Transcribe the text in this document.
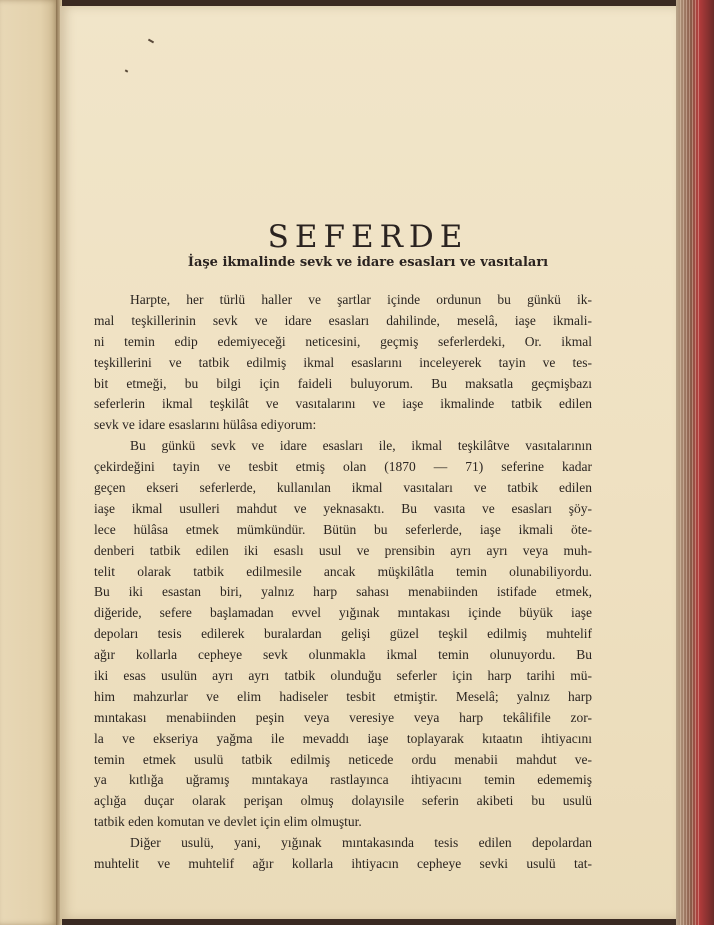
SEFERDE
İaşe ikmalinde sevk ve idare esasları ve vasıtaları
Harpte, her türlü haller ve şartlar içinde ordunun bu günkü ik-
mal teşkillerinin sevk ve idare esasları dahilinde, meselâ, iaşe ikmali-
ni temin edip edemiyeceği neticesini, geçmiş seferlerdeki, Or. ikmal
teşkillerini ve tatbik edilmiş ikmal esaslarını inceleyerek tayin ve tes-
bit etmeği, bu bilgi için faideli buluyorum. Bu maksatla geçmişbazı
seferlerin ikmal teşkilât ve vasıtalarını ve iaşe ikmalinde tatbik edilen
sevk ve idare esaslarını hülâsa ediyorum:
Bu günkü sevk ve idare esasları ile, ikmal teşkilâtve vasıtalarının
çekirdeğini tayin ve tesbit etmiş olan (1870 — 71) seferine kadar
geçen ekseri seferlerde, kullanılan ikmal vasıtaları ve tatbik edilen
iaşe ikmal usulleri mahdut ve yeknasaktı. Bu vasıta ve esasları şöy-
lece hülâsa etmek mümkündür. Bütün bu seferlerde, iaşe ikmali öte-
denberi tatbik edilen iki esaslı usul ve prensibin ayrı ayrı veya muh-
telit olarak tatbik edilmesile ancak müşkilâtla temin olunabiliyordu.
Bu iki esastan biri, yalnız harp sahası menabiinden istifade etmek,
diğeride, sefere başlamadan evvel yığınak mıntakası içinde büyük iaşe
depoları tesis edilerek buralardan gelişi güzel teşkil edilmiş muhtelif
ağır kollarla cepheye sevk olunmakla ikmal temin olunuyordu. Bu
iki esas usulün ayrı ayrı tatbik olunduğu seferler için harp tarihi mü-
him mahzurlar ve elim hadiseler tesbit etmiştir. Meselâ; yalnız harp
mıntakası menabiinden peşin veya veresiye veya harp tekâlifile zor-
la ve ekseriya yağma ile mevaddı iaşe toplayarak kıtaatın ihtiyacını
temin etmek usulü tatbik edilmiş neticede ordu menabii mahdut ve-
ya kıtlığa uğramış mıntakaya rastlayınca ihtiyacını temin edememiş
açlığa duçar olarak perişan olmuş dolayısile seferin akibeti bu usulü
tatbik eden komutan ve devlet için elim olmuştur.
Diğer usulü, yani, yığınak mıntakasında tesis edilen depolardan
muhtelit ve muhtelif ağır kollarla ihtiyacın cepheye sevki usulü tat-
